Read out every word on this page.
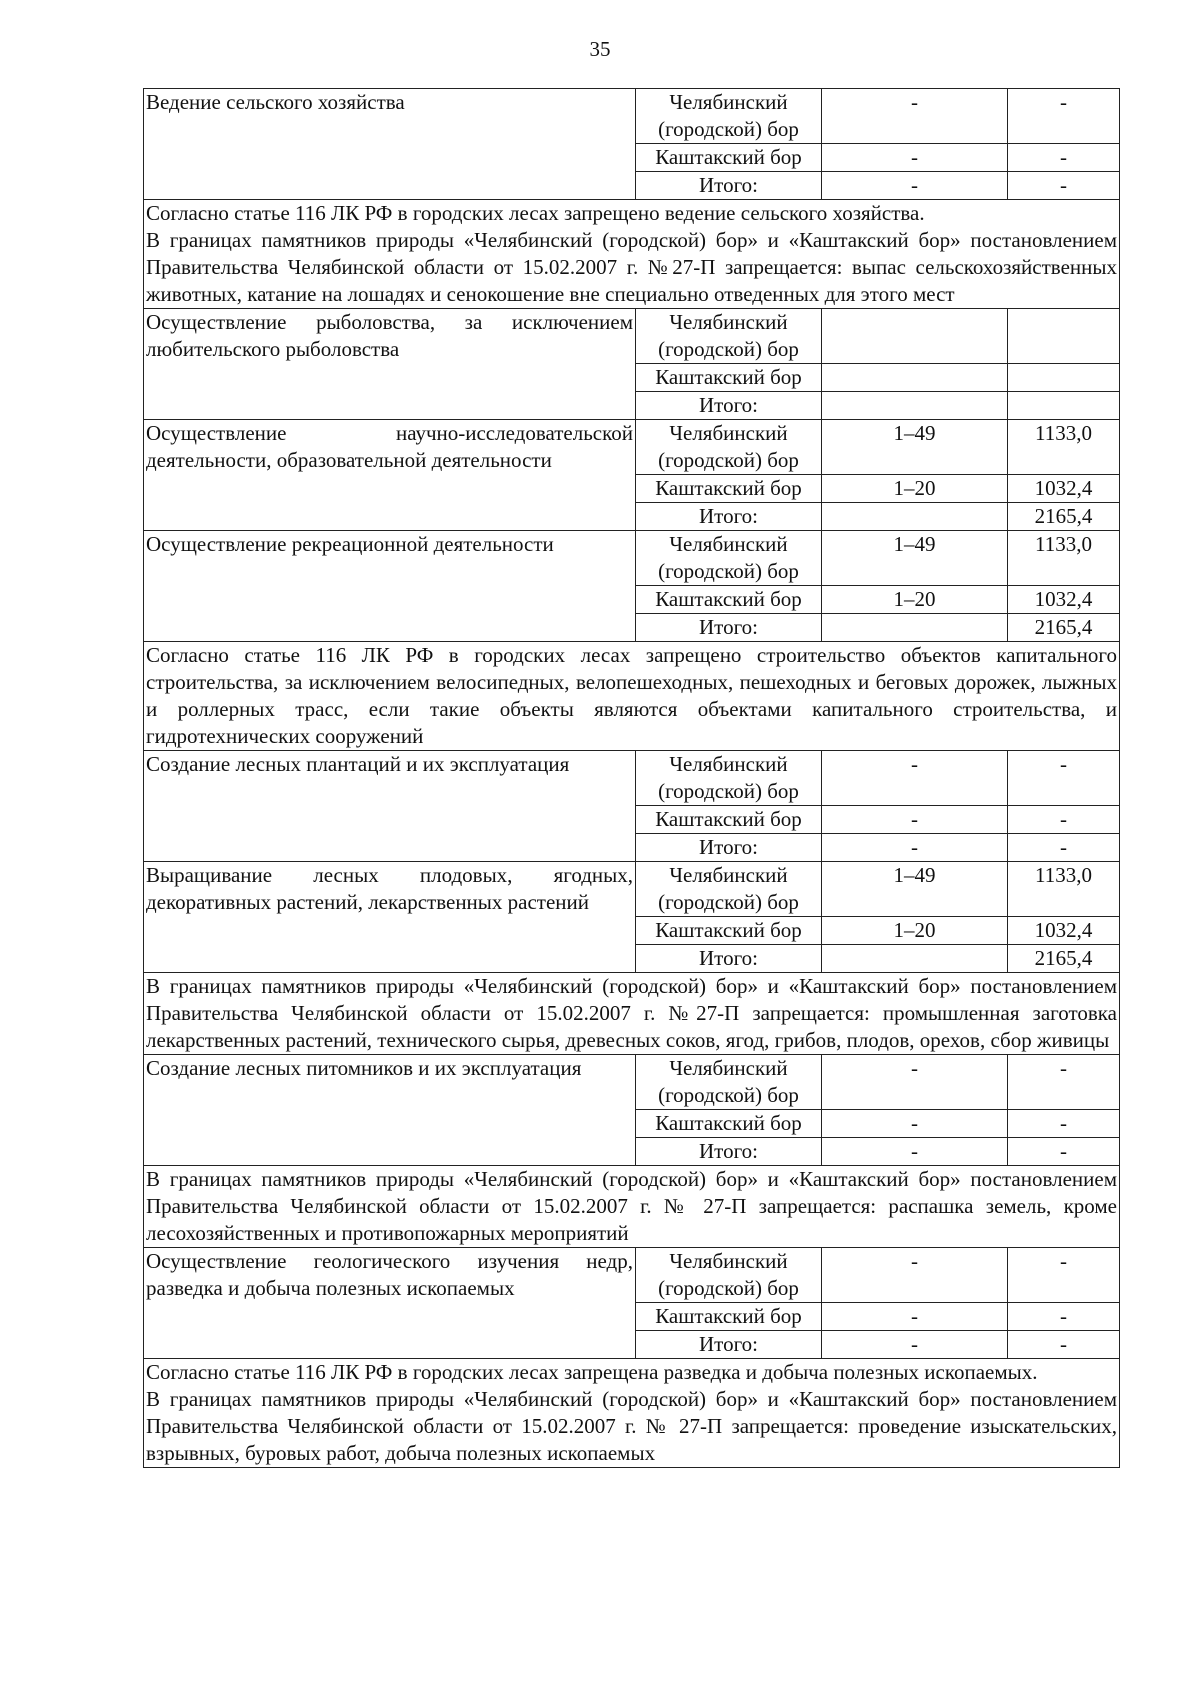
35
Ведение сельского хозяйства	Челябинский (городской) бор	-	-
	Каштакский бор	-	-
	Итого:	-	-

Согласно статье 116 ЛК РФ в городских лесах запрещено ведение сельского хозяйства.
В границах памятников природы «Челябинский (городской) бор» и «Каштакский бор» постановлением Правительства Челябинской области от 15.02.2007 г. №27-П запрещается: выпас сельскохозяйственных животных, катание на лошадях и сенокошение вне специально отведенных для этого мест			

Осуществление рыболовства, за исключением любительского рыболовства	Челябинский (городской) бор		
	Каштакский бор		
	Итого:		
Осуществление научно-исследовательской деятельности, образовательной деятельности	Челябинский (городской) бор	1–49	1133,0
	Каштакский бор	1–20	1032,4
	Итого:		2165,4
Осуществление рекреационной деятельности	Челябинский (городской) бор	1–49	1133,0
	Каштакский бор	1–20	1032,4
	Итого:		2165,4

Согласно статье 116 ЛК РФ в городских лесах запрещено строительство объектов капитального строительства, за исключением велосипедных, велопешеходных, пешеходных и беговых дорожек, лыжных и роллерных трасс, если такие объекты являются объектами капитального строительства, и гидротехнических сооружений			

Создание лесных плантаций и их эксплуатация	Челябинский (городской) бор	-	-
	Каштакский бор	-	-
	Итого:	-	-
Выращивание лесных плодовых, ягодных, декоративных растений, лекарственных растений	Челябинский (городской) бор	1–49	1133,0
	Каштакский бор	1–20	1032,4
	Итого:		2165,4

В границах памятников природы «Челябинский (городской) бор» и «Каштакский бор» постановлением Правительства Челябинской области от 15.02.2007 г. №27-П запрещается: промышленная заготовка лекарственных растений, технического сырья, древесных соков, ягод, грибов, плодов, орехов, сбор живицы			

Создание лесных питомников и их эксплуатация	Челябинский (городской) бор	-	-
	Каштакский бор	-	-
	Итого:	-	-

В границах памятников природы «Челябинский (городской) бор» и «Каштакский бор» постановлением Правительства Челябинской области от 15.02.2007 г. № 27-П запрещается: распашка земель, кроме лесохозяйственных и противопожарных мероприятий			

Осуществление геологического изучения недр, разведка и добыча полезных ископаемых	Челябинский (городской) бор	-	-
	Каштакский бор	-	-
	Итого:	-	-

Согласно статье 116 ЛК РФ в городских лесах запрещена разведка и добыча полезных ископаемых.
В границах памятников природы «Челябинский (городской) бор» и «Каштакский бор» постановлением Правительства Челябинской области от 15.02.2007 г. № 27-П запрещается: проведение изыскательских, взрывных, буровых работ, добыча полезных ископаемых			
